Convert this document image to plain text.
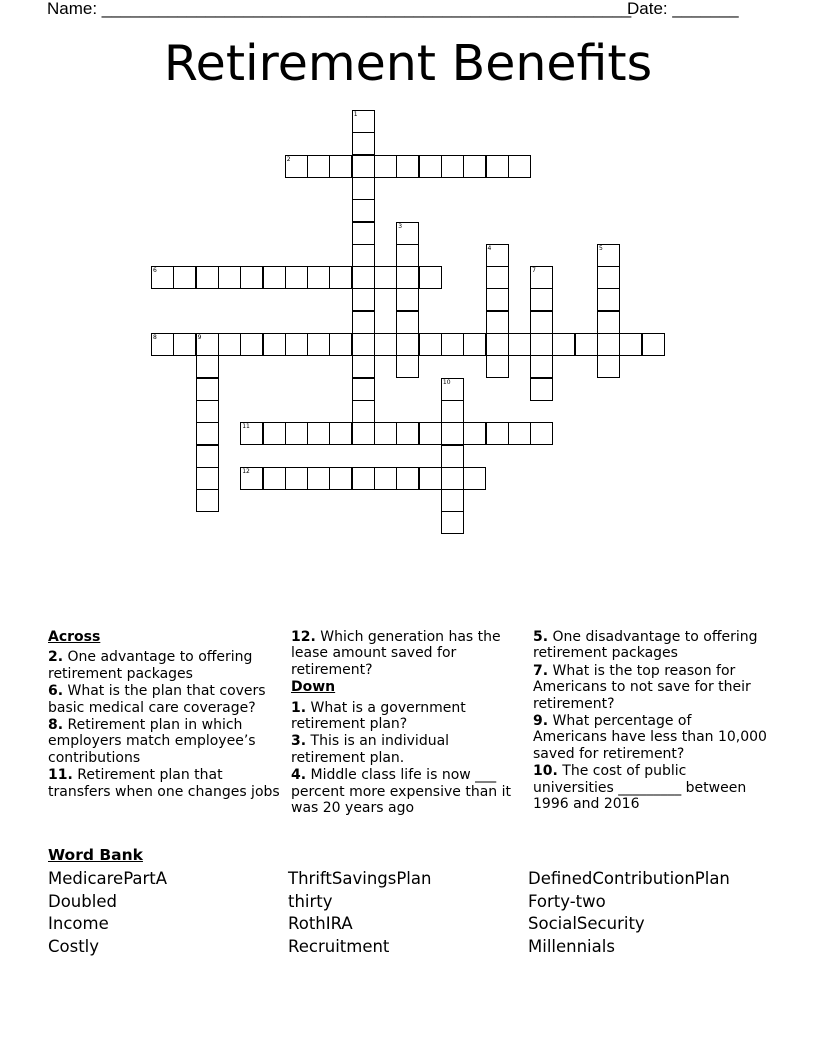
Name: ________________________________________________________
Date: _______
Retirement Benefits
1
2
3
4	5
6	7
8	9
10
11
12
Across
2. One advantage to offering retirement packages
6. What is the plan that covers basic medical care coverage?
8. Retirement plan in which employers match employee’s contributions
11. Retirement plan that transfers when one changes jobs
12. Which generation has the lease amount saved for retirement?
Down
1. What is a government retirement plan?
3. This is an individual retirement plan.
4. Middle class life is now ___ percent more expensive than it was 20 years ago
5. One disadvantage to offering retirement packages
7. What is the top reason for Americans to not save for their retirement?
9. What percentage of Americans have less than 10,000 saved for retirement?
10. The cost of public universities _________ between 1996 and 2016
Word Bank
MedicarePartA
Doubled
Income
Costly
ThriftSavingsPlan
thirty
RothIRA
Recruitment
DefinedContributionPlan
Forty-two
SocialSecurity
Millennials
